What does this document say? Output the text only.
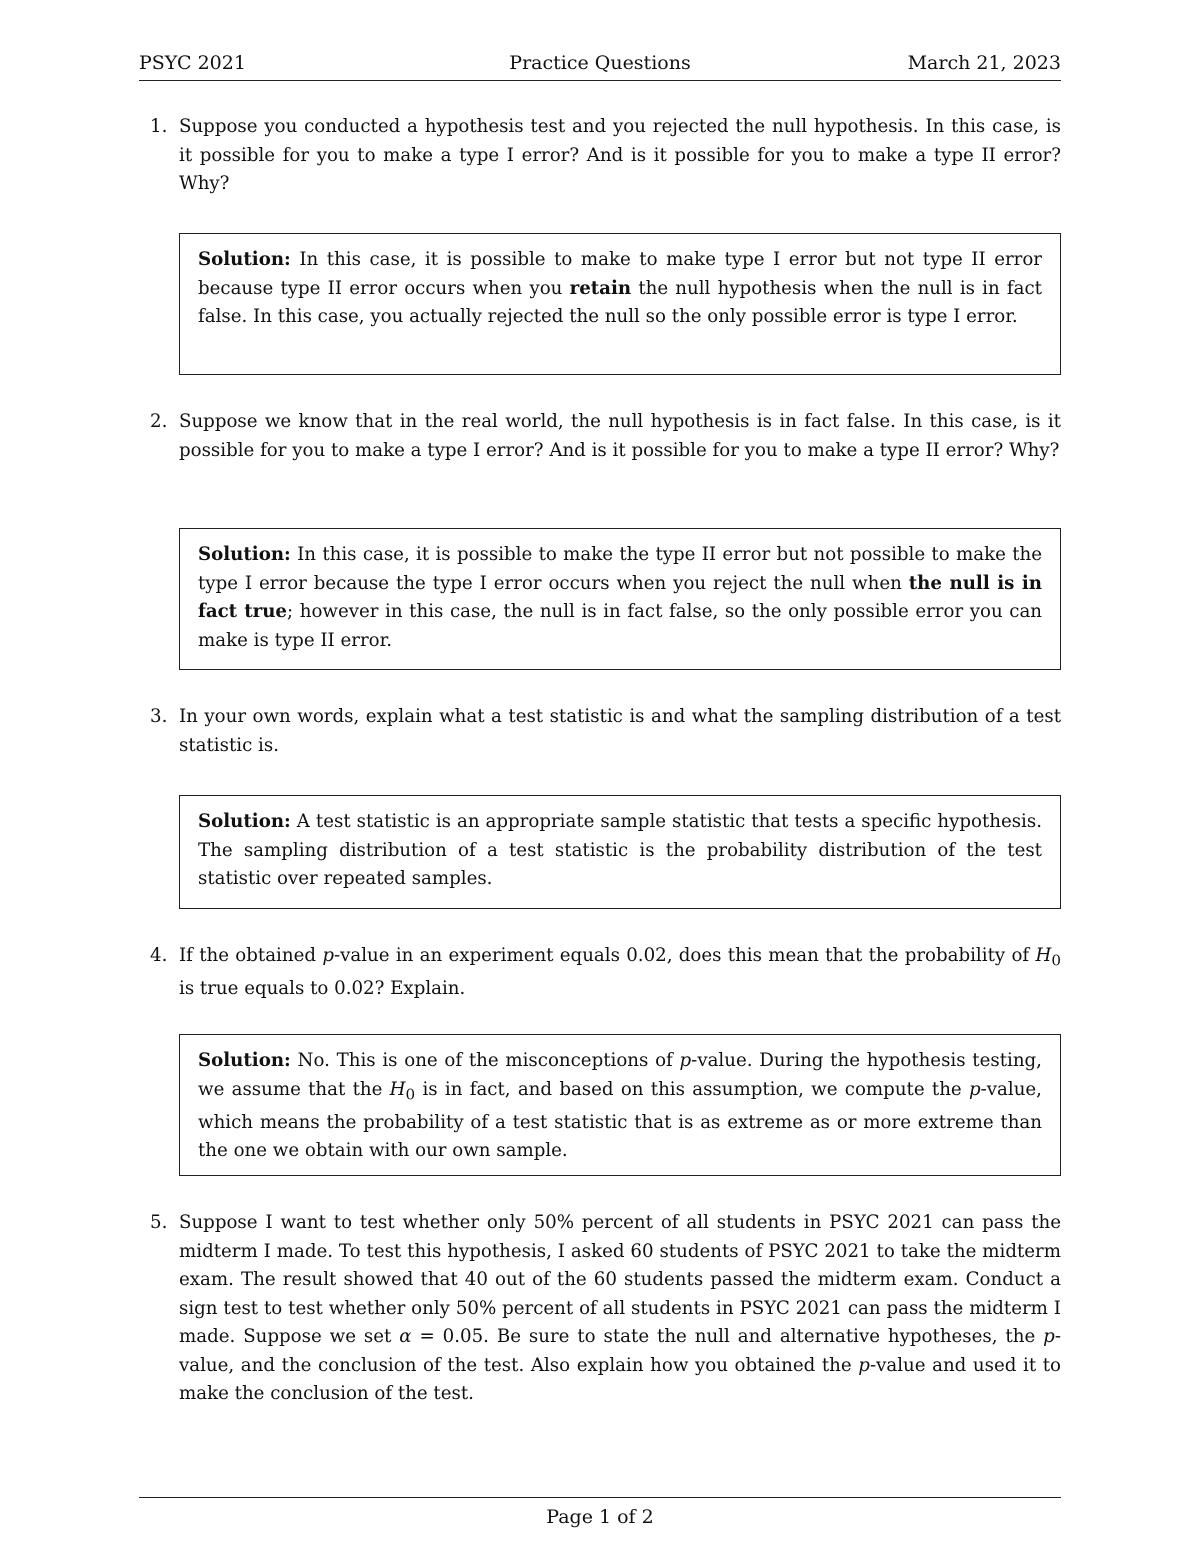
PSYC 2021	Practice Questions	March 21, 2023
1. Suppose you conducted a hypothesis test and you rejected the null hypothesis. In this case, is it possible for you to make a type I error? And is it possible for you to make a type II error? Why?
Solution: In this case, it is possible to make to make type I error but not type II error because type II error occurs when you retain the null hypothesis when the null is in fact false. In this case, you actually rejected the null so the only possible error is type I error.
2. Suppose we know that in the real world, the null hypothesis is in fact false. In this case, is it possible for you to make a type I error? And is it possible for you to make a type II error? Why?
Solution: In this case, it is possible to make the type II error but not possible to make the type I error because the type I error occurs when you reject the null when the null is in fact true; however in this case, the null is in fact false, so the only possible error you can make is type II error.
3. In your own words, explain what a test statistic is and what the sampling distribution of a test statistic is.
Solution: A test statistic is an appropriate sample statistic that tests a specific hypothesis. The sampling distribution of a test statistic is the probability distribution of the test statistic over repeated samples.
4. If the obtained p-value in an experiment equals 0.02, does this mean that the probability of $H_0$ is true equals to 0.02? Explain.
Solution: No. This is one of the misconceptions of p-value. During the hypothesis testing, we assume that the $H_0$ is in fact, and based on this assumption, we compute the p-value, which means the probability of a test statistic that is as extreme as or more extreme than the one we obtain with our own sample.
5. Suppose I want to test whether only 50% percent of all students in PSYC 2021 can pass the midterm I made. To test this hypothesis, I asked 60 students of PSYC 2021 to take the midterm exam. The result showed that 40 out of the 60 students passed the midterm exam. Conduct a sign test to test whether only 50% percent of all students in PSYC 2021 can pass the midterm I made. Suppose we set α = 0.05. Be sure to state the null and alternative hypotheses, the p-value, and the conclusion of the test. Also explain how you obtained the p-value and used it to make the conclusion of the test.
Page 1 of 2
